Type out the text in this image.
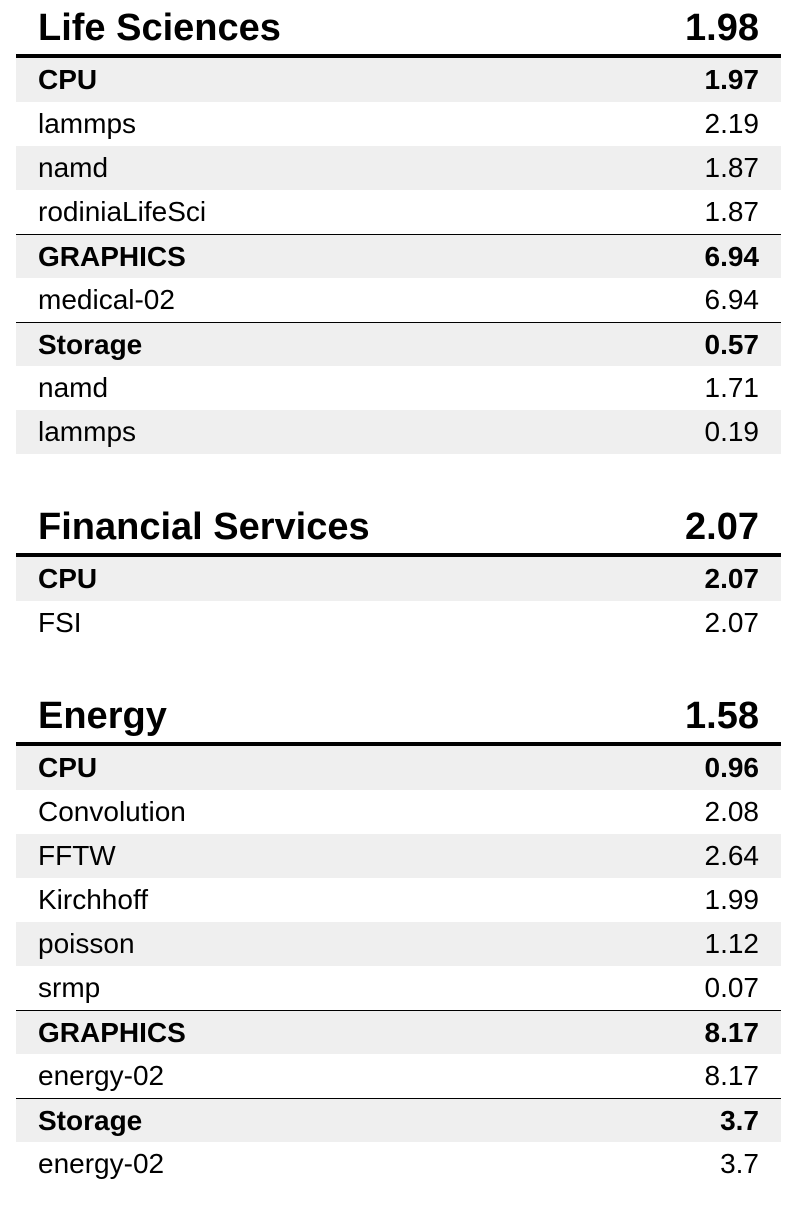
Life Sciences	1.98
CPU	1.97
lammps	2.19
namd	1.87
rodiniaLifeSci	1.87
GRAPHICS	6.94
medical-02	6.94
Storage	0.57
namd	1.71
lammps	0.19
Financial Services	2.07
CPU	2.07
FSI	2.07
Energy	1.58
CPU	0.96
Convolution	2.08
FFTW	2.64
Kirchhoff	1.99
poisson	1.12
srmp	0.07
GRAPHICS	8.17
energy-02	8.17
Storage	3.7
energy-02	3.7
